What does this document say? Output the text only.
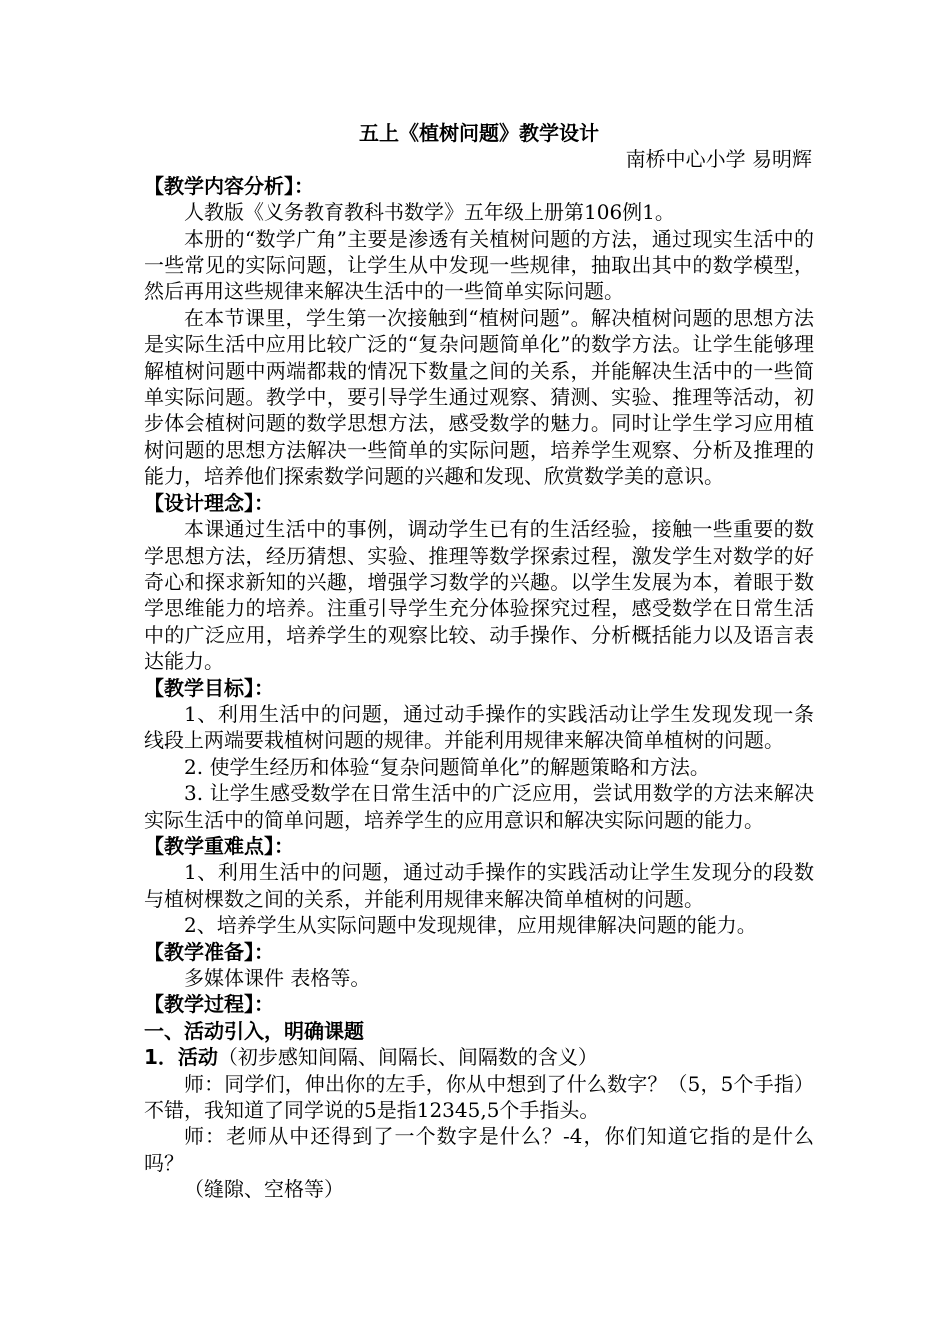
五上《植树问题》教学设计

南桥中心小学 易明辉

【教学内容分析】：

人教版《义务教育教科书数学》五年级上册第106例1。

本册的“数学广角”主要是渗透有关植树问题的方法，通过现实生活中的一些常见的实际问题，让学生从中发现一些规律，抽取出其中的数学模型，然后再用这些规律来解决生活中的一些简单实际问题。

在本节课里，学生第一次接触到“植树问题”。解决植树问题的思想方法是实际生活中应用比较广泛的“复杂问题简单化”的数学方法。让学生能够理解植树问题中两端都栽的情况下数量之间的关系，并能解决生活中的一些简单实际问题。教学中，要引导学生通过观察、猜测、实验、推理等活动，初步体会植树问题的数学思想方法，感受数学的魅力。同时让学生学习应用植树问题的思想方法解决一些简单的实际问题，培养学生观察、分析及推理的能力，培养他们探索数学问题的兴趣和发现、欣赏数学美的意识。

【设计理念】：

本课通过生活中的事例，调动学生已有的生活经验，接触一些重要的数学思想方法，经历猜想、实验、推理等数学探索过程，激发学生对数学的好奇心和探求新知的兴趣，增强学习数学的兴趣。以学生发展为本，着眼于数学思维能力的培养。注重引导学生充分体验探究过程，感受数学在日常生活中的广泛应用，培养学生的观察比较、动手操作、分析概括能力以及语言表达能力。

【教学目标】：

1、利用生活中的问题，通过动手操作的实践活动让学生发现发现一条线段上两端要栽植树问题的规律。并能利用规律来解决简单植树的问题。

2. 使学生经历和体验“复杂问题简单化”的解题策略和方法。

3. 让学生感受数学在日常生活中的广泛应用，尝试用数学的方法来解决实际生活中的简单问题，培养学生的应用意识和解决实际问题的能力。

【教学重难点】：

1、利用生活中的问题，通过动手操作的实践活动让学生发现分的段数与植树棵数之间的关系，并能利用规律来解决简单植树的问题。

2、培养学生从实际问题中发现规律，应用规律解决问题的能力。

【教学准备】：

多媒体课件 表格等。

【教学过程】：

一、活动引入，明确课题

1．活动（初步感知间隔、间隔长、间隔数的含义）

师：同学们，伸出你的左手，你从中想到了什么数字？（5，5个手指）不错，我知道了同学说的5是指12345,5个手指头。

师：老师从中还得到了一个数字是什么？-4，你们知道它指的是什么吗？

（缝隙、空格等）
